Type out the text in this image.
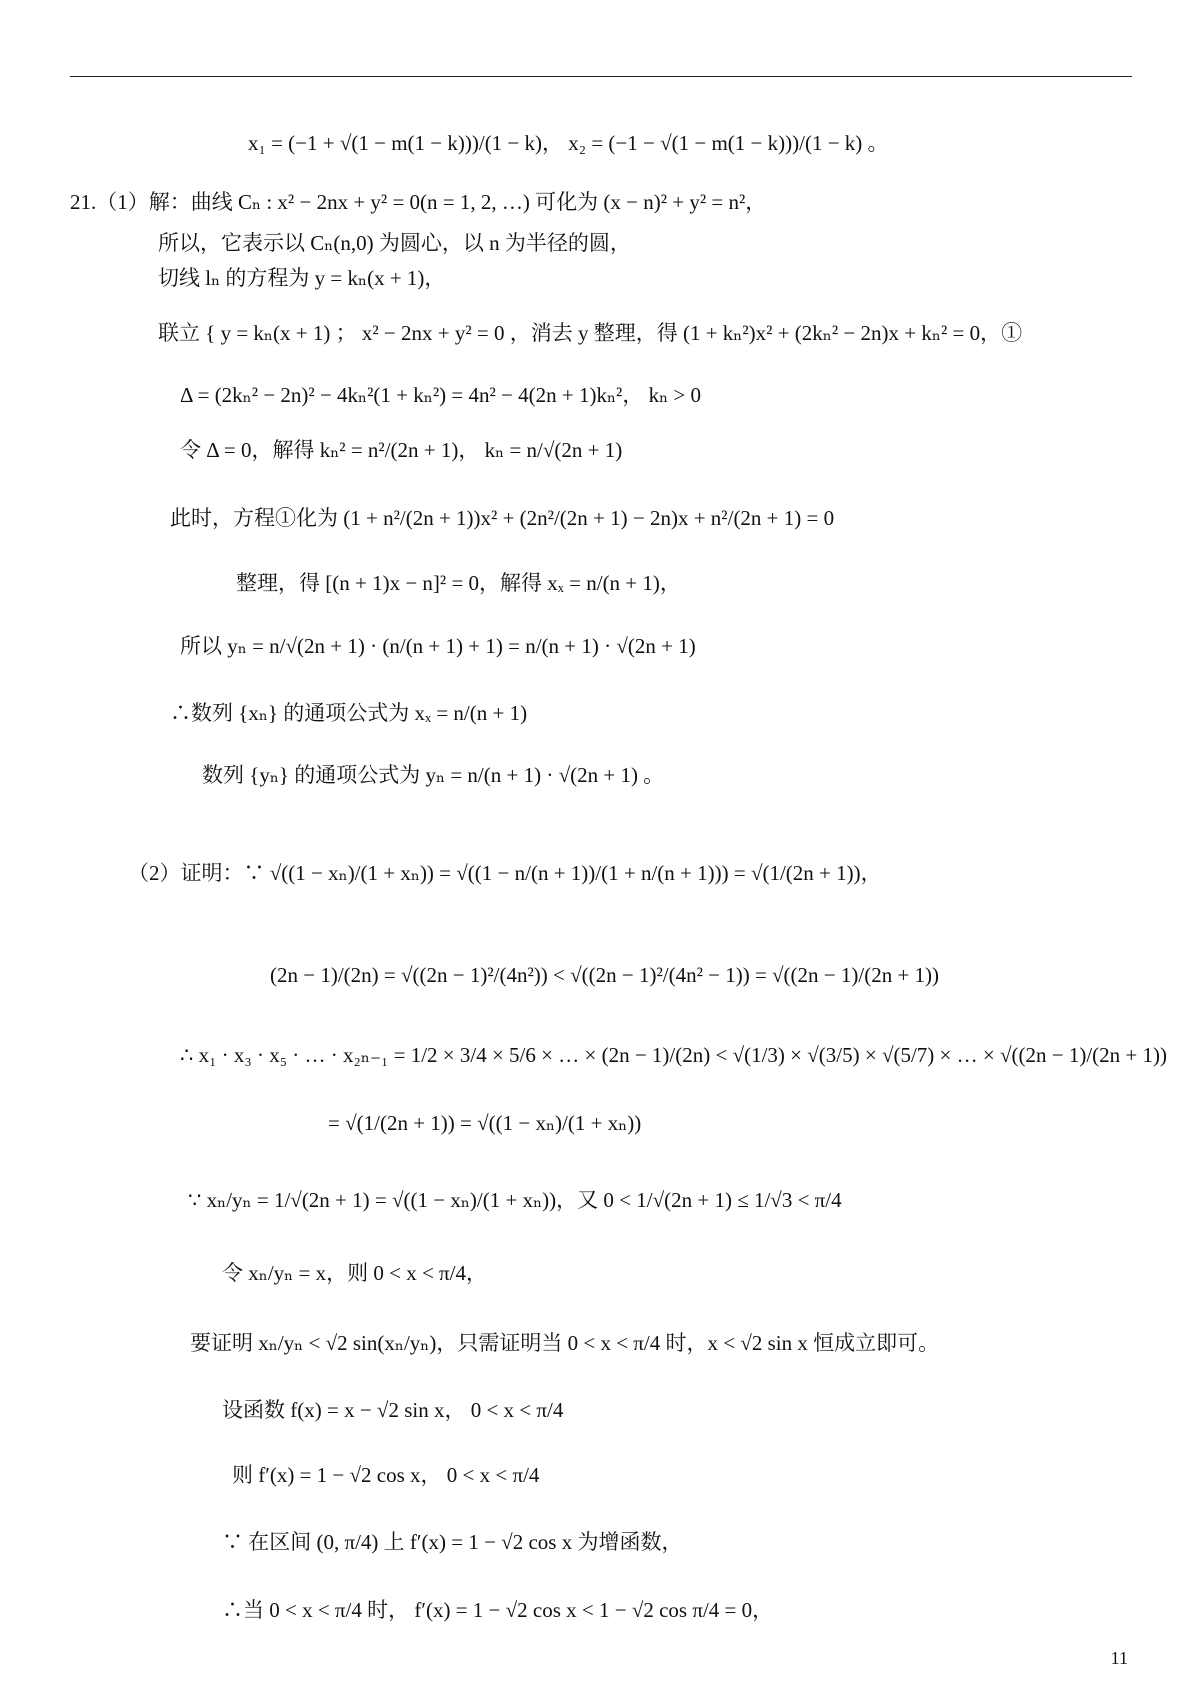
x₁ = (−1 + √(1 − m(1 − k)))/(1 − k)， x₂ = (−1 − √(1 − m(1 − k)))/(1 − k) 。
21.（1）解：曲线 Cₙ : x² − 2nx + y² = 0(n = 1, 2, …) 可化为 (x − n)² + y² = n²，
所以，它表示以 Cₙ(n,0) 为圆心，以 n 为半径的圆，
切线 lₙ 的方程为 y = kₙ(x + 1)，
联立 { y = kₙ(x + 1) ； x² − 2nx + y² = 0 ，消去 y 整理，得 (1 + kₙ²)x² + (2kₙ² − 2n)x + kₙ² = 0，①
Δ = (2kₙ² − 2n)² − 4kₙ²(1 + kₙ²) = 4n² − 4(2n + 1)kₙ²， kₙ > 0
令 Δ = 0，解得 kₙ² = n²/(2n + 1)， kₙ = n/√(2n + 1)
此时，方程①化为 (1 + n²/(2n + 1))x² + (2n²/(2n + 1) − 2n)x + n²/(2n + 1) = 0
整理，得 [(n + 1)x − n]² = 0，解得 xₓ = n/(n + 1)，
所以 yₙ = n/√(2n + 1) · (n/(n + 1) + 1) = n/(n + 1) · √(2n + 1)
∴数列 {xₙ} 的通项公式为 xₓ = n/(n + 1)
数列 {yₙ} 的通项公式为 yₙ = n/(n + 1) · √(2n + 1) 。
（2）证明：∵ √((1 − xₙ)/(1 + xₙ)) = √((1 − n/(n + 1))/(1 + n/(n + 1))) = √(1/(2n + 1))，
(2n − 1)/(2n) = √((2n − 1)²/(4n²)) < √((2n − 1)²/(4n² − 1)) = √((2n − 1)/(2n + 1))
∴ x₁ · x₃ · x₅ · … · x₂ₙ₋₁ = 1/2 × 3/4 × 5/6 × … × (2n − 1)/(2n) < √(1/3) × √(3/5) × √(5/7) × … × √((2n − 1)/(2n + 1))
= √(1/(2n + 1)) = √((1 − xₙ)/(1 + xₙ))
∵ xₙ/yₙ = 1/√(2n + 1) = √((1 − xₙ)/(1 + xₙ))，又 0 < 1/√(2n + 1) ≤ 1/√3 < π/4
令 xₙ/yₙ = x，则 0 < x < π/4，
要证明 xₙ/yₙ < √2 sin(xₙ/yₙ)，只需证明当 0 < x < π/4 时，x < √2 sin x 恒成立即可。
设函数 f(x) = x − √2 sin x， 0 < x < π/4
则 f′(x) = 1 − √2 cos x， 0 < x < π/4
∵ 在区间 (0, π/4) 上 f′(x) = 1 − √2 cos x 为增函数，
∴当 0 < x < π/4 时， f′(x) = 1 − √2 cos x < 1 − √2 cos π/4 = 0，
11
